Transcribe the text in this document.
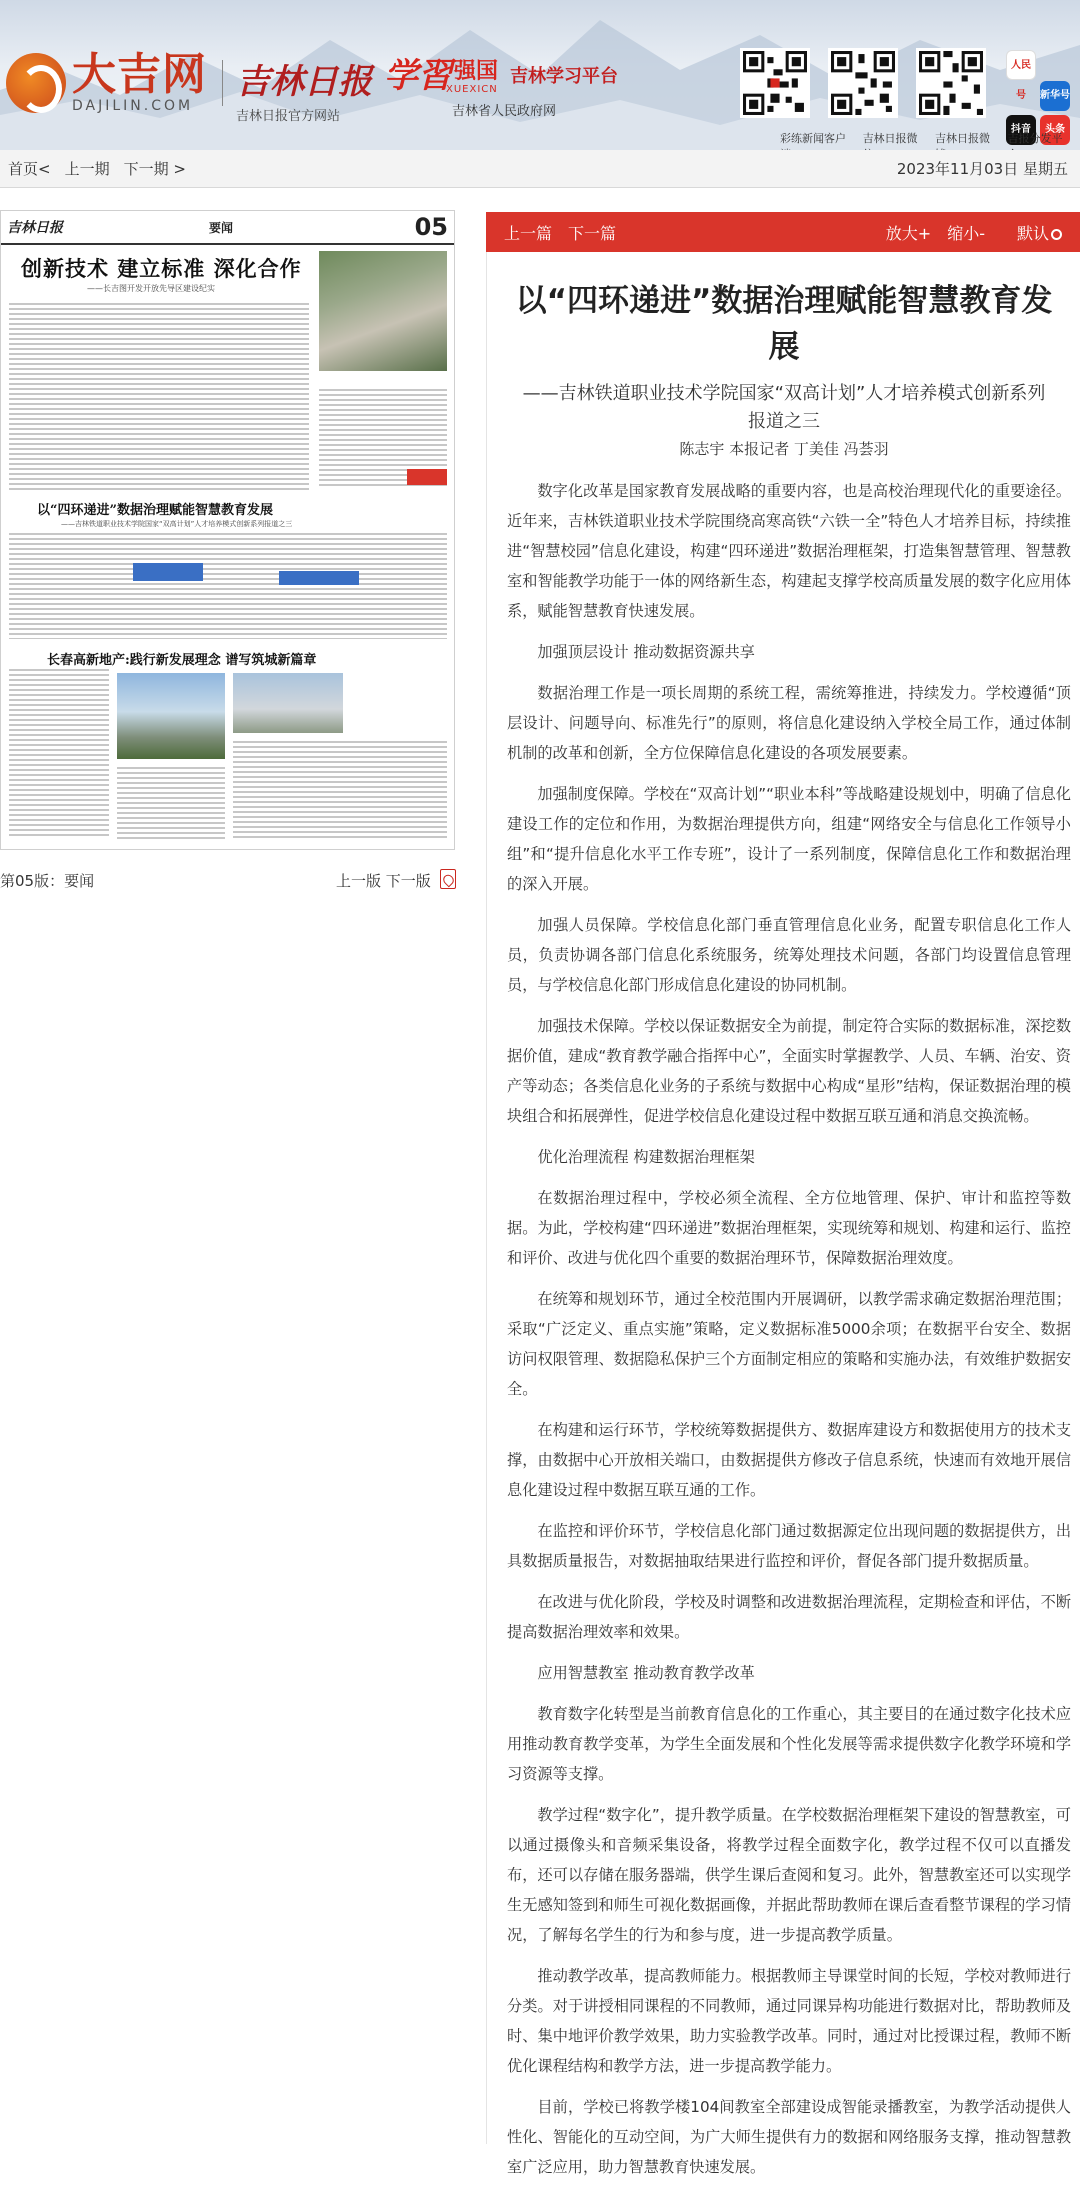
大吉网
DAJILIN.COM
吉林日报
吉林日报官方网站
学習 强国
XUEXICN
吉林学习平台
吉林省人民政府网
人民号 新华号 抖音 头条
彩练新闻客户	吉林日报微	吉林日报微	吉报分发平
首页< 上一期 下一期 >	2023年11月03日 星期五
吉林日报	要闻	05
创新技术 建立标准 深化合作
——长吉图开发开放先导区建设纪实
以“四环递进”数据治理赋能智慧教育发展
——吉林铁道职业技术学院国家“双高计划”人才培养模式创新系列报道之三
长春高新地产:践行新发展理念 谱写筑城新篇章
第05版：要闻	上一版 下一版
上一篇 下一篇	放大+ 缩小-	默认
以“四环递进”数据治理赋能智慧教育发展
——吉林铁道职业技术学院国家“双高计划”人才培养模式创新系列报道之三
陈志宇 本报记者 丁美佳 冯荟羽

数字化改革是国家教育发展战略的重要内容，也是高校治理现代化的重要途径。近年来，吉林铁道职业技术学院围绕高寒高铁“六铁一全”特色人才培养目标，持续推进“智慧校园”信息化建设，构建“四环递进”数据治理框架，打造集智慧管理、智慧教室和智能教学功能于一体的网络新生态，构建起支撑学校高质量发展的数字化应用体系，赋能智慧教育快速发展。

加强顶层设计 推动数据资源共享

数据治理工作是一项长周期的系统工程，需统筹推进，持续发力。学校遵循“顶层设计、问题导向、标准先行”的原则，将信息化建设纳入学校全局工作，通过体制机制的改革和创新，全方位保障信息化建设的各项发展要素。

加强制度保障。学校在“双高计划”“职业本科”等战略建设规划中，明确了信息化建设工作的定位和作用，为数据治理提供方向，组建“网络安全与信息化工作领导小组”和“提升信息化水平工作专班”，设计了一系列制度，保障信息化工作和数据治理的深入开展。

加强人员保障。学校信息化部门垂直管理信息化业务，配置专职信息化工作人员，负责协调各部门信息化系统服务，统筹处理技术问题，各部门均设置信息管理员，与学校信息化部门形成信息化建设的协同机制。

加强技术保障。学校以保证数据安全为前提，制定符合实际的数据标准，深挖数据价值，建成“教育教学融合指挥中心”，全面实时掌握教学、人员、车辆、治安、资产等动态；各类信息化业务的子系统与数据中心构成“星形”结构，保证数据治理的模块组合和拓展弹性，促进学校信息化建设过程中数据互联互通和消息交换流畅。

优化治理流程 构建数据治理框架

在数据治理过程中，学校必须全流程、全方位地管理、保护、审计和监控等数据。为此，学校构建“四环递进”数据治理框架，实现统筹和规划、构建和运行、监控和评价、改进与优化四个重要的数据治理环节，保障数据治理效度。

在统筹和规划环节，通过全校范围内开展调研，以教学需求确定数据治理范围；采取“广泛定义、重点实施”策略，定义数据标准5000余项；在数据平台安全、数据访问权限管理、数据隐私保护三个方面制定相应的策略和实施办法，有效维护数据安全。

在构建和运行环节，学校统筹数据提供方、数据库建设方和数据使用方的技术支撑，由数据中心开放相关端口，由数据提供方修改子信息系统，快速而有效地开展信息化建设过程中数据互联互通的工作。

在监控和评价环节，学校信息化部门通过数据源定位出现问题的数据提供方，出具数据质量报告，对数据抽取结果进行监控和评价，督促各部门提升数据质量。

在改进与优化阶段，学校及时调整和改进数据治理流程，定期检查和评估，不断提高数据治理效率和效果。

应用智慧教室 推动教育教学改革

教育数字化转型是当前教育信息化的工作重心，其主要目的在通过数字化技术应用推动教育教学变革，为学生全面发展和个性化发展等需求提供数字化教学环境和学习资源等支撑。

教学过程“数字化”，提升教学质量。在学校数据治理框架下建设的智慧教室，可以通过摄像头和音频采集设备，将教学过程全面数字化，教学过程不仅可以直播发布，还可以存储在服务器端，供学生课后查阅和复习。此外，智慧教室还可以实现学生无感知签到和师生可视化数据画像，并据此帮助教师在课后查看整节课程的学习情况，了解每名学生的行为和参与度，进一步提高教学质量。

推动教学改革，提高教师能力。根据教师主导课堂时间的长短，学校对教师进行分类。对于讲授相同课程的不同教师，通过同课异构功能进行数据对比，帮助教师及时、集中地评价教学效果，助力实验教学改革。同时，通过对比授课过程，教师不断优化课程结构和教学方法，进一步提高教学能力。

目前，学校已将教学楼104间教室全部建设成智能录播教室，为教学活动提供人性化、智能化的互动空间，为广大师生提供有力的数据和网络服务支撑，推动智慧教室广泛应用，助力智慧教育快速发展。
